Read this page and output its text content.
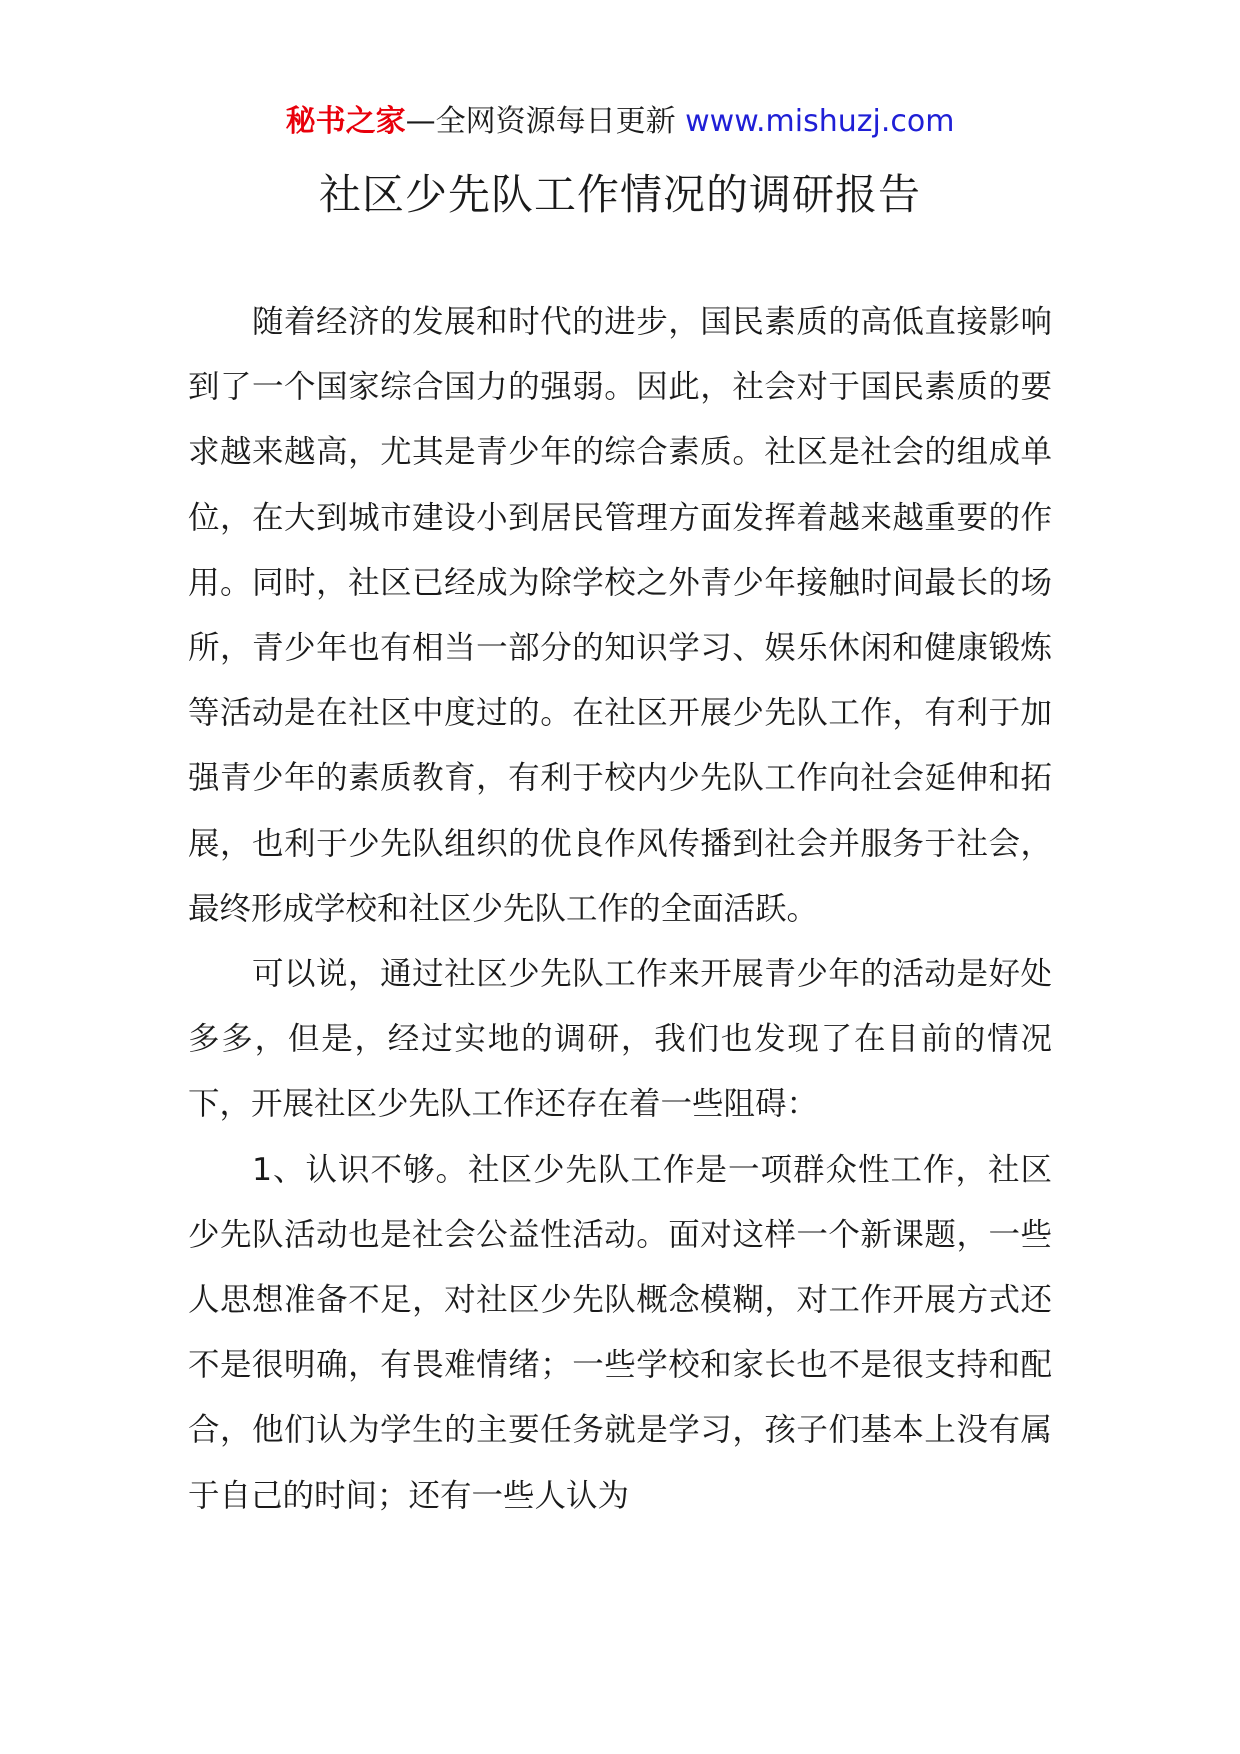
秘书之家—全网资源每日更新 www.mishuzj.com
社区少先队工作情况的调研报告

随着经济的发展和时代的进步，国民素质的高低直接影响到了一个国家综合国力的强弱。因此，社会对于国民素质的要求越来越高，尤其是青少年的综合素质。社区是社会的组成单位，在大到城市建设小到居民管理方面发挥着越来越重要的作用。同时，社区已经成为除学校之外青少年接触时间最长的场所，青少年也有相当一部分的知识学习、娱乐休闲和健康锻炼等活动是在社区中度过的。在社区开展少先队工作，有利于加强青少年的素质教育，有利于校内少先队工作向社会延伸和拓展，也利于少先队组织的优良作风传播到社会并服务于社会，最终形成学校和社区少先队工作的全面活跃。

可以说，通过社区少先队工作来开展青少年的活动是好处多多，但是，经过实地的调研，我们也发现了在目前的情况下，开展社区少先队工作还存在着一些阻碍：

1、认识不够。社区少先队工作是一项群众性工作，社区少先队活动也是社会公益性活动。面对这样一个新课题，一些人思想准备不足，对社区少先队概念模糊，对工作开展方式还不是很明确，有畏难情绪；一些学校和家长也不是很支持和配合，他们认为学生的主要任务就是学习，孩子们基本上没有属于自己的时间；还有一些人认为
